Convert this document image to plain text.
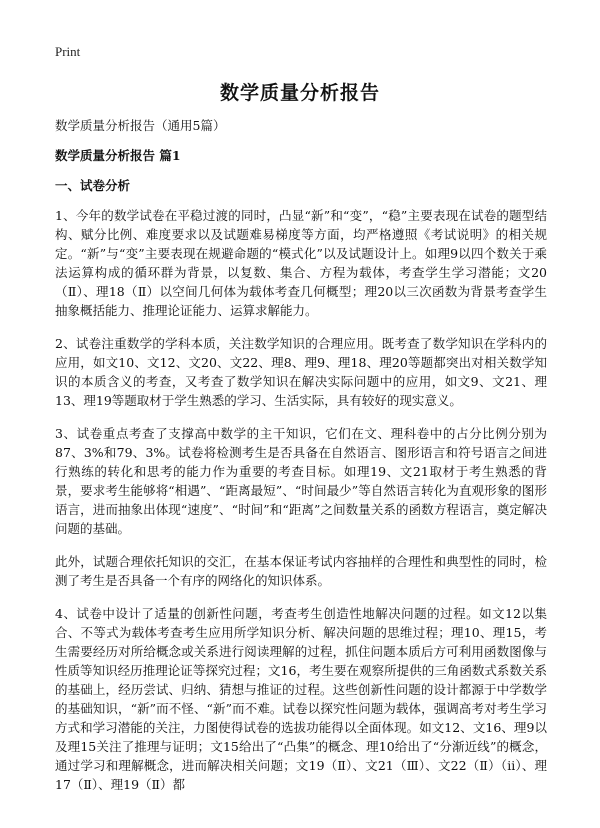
Print
数学质量分析报告

数学质量分析报告（通用5篇）

数学质量分析报告 篇1

一、试卷分析

1、今年的数学试卷在平稳过渡的同时，凸显“新”和“变”，“稳”主要表现在试卷的题型结构、赋分比例、难度要求以及试题难易梯度等方面，均严格遵照《考试说明》的相关规定。“新”与“变”主要表现在规避命题的“模式化”以及试题设计上。如理9以四个数关于乘法运算构成的循环群为背景，以复数、集合、方程为载体，考查学生学习潜能；文20（Ⅱ）、理18（Ⅱ）以空间几何体为载体考查几何概型；理20以三次函数为背景考查学生抽象概括能力、推理论证能力、运算求解能力。

2、试卷注重数学的学科本质，关注数学知识的合理应用。既考查了数学知识在学科内的应用，如文10、文12、文20、文22、理8、理9、理18、理20等题都突出对相关数学知识的本质含义的考查，又考查了数学知识在解决实际问题中的应用，如文9、文21、理13、理19等题取材于学生熟悉的学习、生活实际，具有较好的现实意义。

3、试卷重点考查了支撑高中数学的主干知识，它们在文、理科卷中的占分比例分别为87、3%和79、3%。试卷将检测考生是否具备在自然语言、图形语言和符号语言之间进行熟练的转化和思考的能力作为重要的考查目标。如理19、文21取材于考生熟悉的背景，要求考生能够将“相遇”、“距离最短”、“时间最少”等自然语言转化为直观形象的图形语言，进而抽象出体现“速度”、“时间”和“距离”之间数量关系的函数方程语言，奠定解决问题的基础。

此外，试题合理依托知识的交汇，在基本保证考试内容抽样的合理性和典型性的同时，检测了考生是否具备一个有序的网络化的知识体系。

4、试卷中设计了适量的创新性问题，考查考生创造性地解决问题的过程。如文12以集合、不等式为载体考查考生应用所学知识分析、解决问题的思维过程；理10、理15，考生需要经历对所给概念或关系进行阅读理解的过程，抓住问题本质后方可利用函数图像与性质等知识经历推理论证等探究过程；文16，考生要在观察所提供的三角函数式系数关系的基础上，经历尝试、归纳、猜想与推证的过程。这些创新性问题的设计都源于中学数学的基础知识，“新”而不怪、“新”而不难。试卷以探究性问题为载体，强调高考对考生学习方式和学习潜能的关注，力图使得试卷的选拔功能得以全面体现。如文12、文16、理9以及理15关注了推理与证明；文15给出了“凸集”的概念、理10给出了“分渐近线”的概念，通过学习和理解概念，进而解决相关问题；文19（Ⅱ）、文21（Ⅲ）、文22（Ⅱ）（ii）、理17（Ⅱ）、理19（Ⅱ）都
